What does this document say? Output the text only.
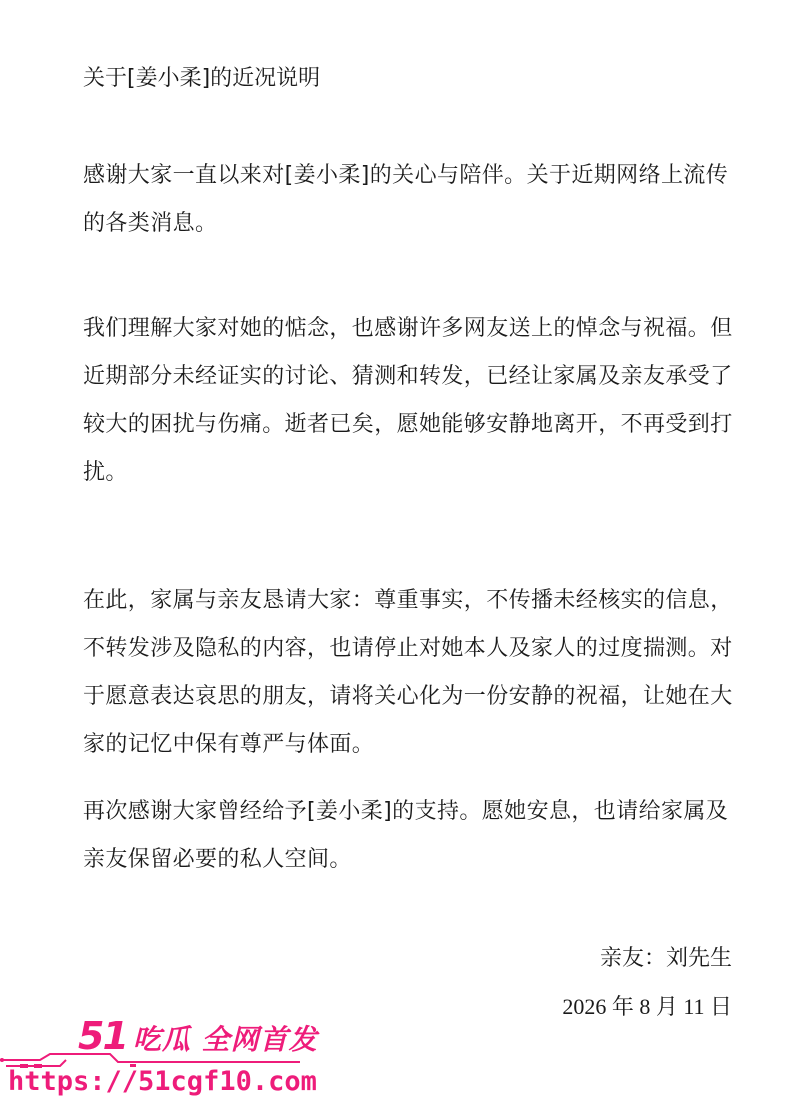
关于[姜小柔]的近况说明

感谢大家一直以来对[姜小柔]的关心与陪伴。关于近期网络上流传的各类消息。

我们理解大家对她的惦念，也感谢许多网友送上的悼念与祝福。但近期部分未经证实的讨论、猜测和转发，已经让家属及亲友承受了较大的困扰与伤痛。逝者已矣，愿她能够安静地离开，不再受到打扰。

在此，家属与亲友恳请大家：尊重事实，不传播未经核实的信息，不转发涉及隐私的内容，也请停止对她本人及家人的过度揣测。对于愿意表达哀思的朋友，请将关心化为一份安静的祝福，让她在大家的记忆中保有尊严与体面。

再次感谢大家曾经给予[姜小柔]的支持。愿她安息，也请给家属及亲友保留必要的私人空间。

亲友：刘先生
2026 年 8 月 11 日
51 吃瓜 全网首发
https://51cgf10.com
